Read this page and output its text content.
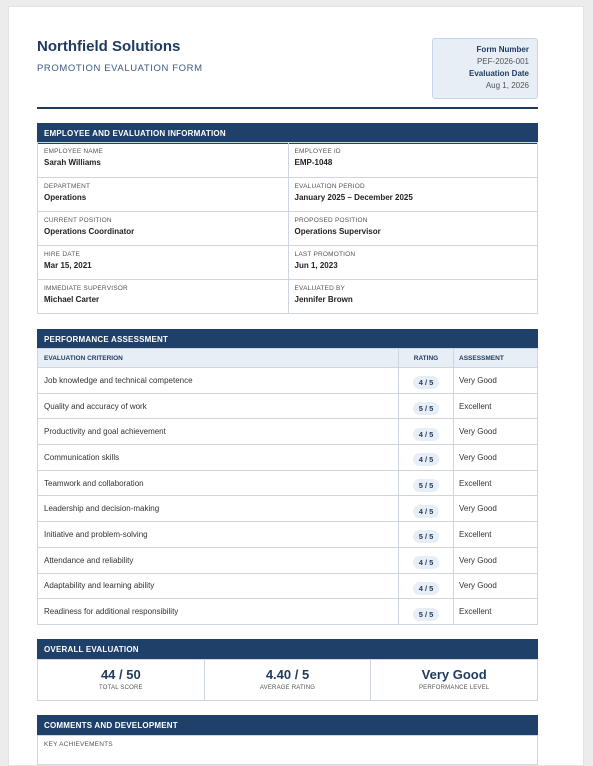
Northfield Solutions
PROMOTION EVALUATION FORM
Form Number
PEF-2026-001
Evaluation Date
Aug 1, 2026
EMPLOYEE AND EVALUATION INFORMATION
EMPLOYEE NAME
Sarah Williams
EMPLOYEE ID
EMP-1048
DEPARTMENT
Operations
EVALUATION PERIOD
January 2025 – December 2025
CURRENT POSITION
Operations Coordinator
PROPOSED POSITION
Operations Supervisor
HIRE DATE
Mar 15, 2021
LAST PROMOTION
Jun 1, 2023
IMMEDIATE SUPERVISOR
Michael Carter
EVALUATED BY
Jennifer Brown
PERFORMANCE ASSESSMENT
EVALUATION CRITERION	RATING	ASSESSMENT
Job knowledge and technical competence	4 / 5	Very Good
Quality and accuracy of work	5 / 5	Excellent
Productivity and goal achievement	4 / 5	Very Good
Communication skills	4 / 5	Very Good
Teamwork and collaboration	5 / 5	Excellent
Leadership and decision-making	4 / 5	Very Good
Initiative and problem-solving	5 / 5	Excellent
Attendance and reliability	4 / 5	Very Good
Adaptability and learning ability	4 / 5	Very Good
Readiness for additional responsibility	5 / 5	Excellent
OVERALL EVALUATION
44 / 50
TOTAL SCORE
4.40 / 5
AVERAGE RATING
Very Good
PERFORMANCE LEVEL
COMMENTS AND DEVELOPMENT
KEY ACHIEVEMENTS
